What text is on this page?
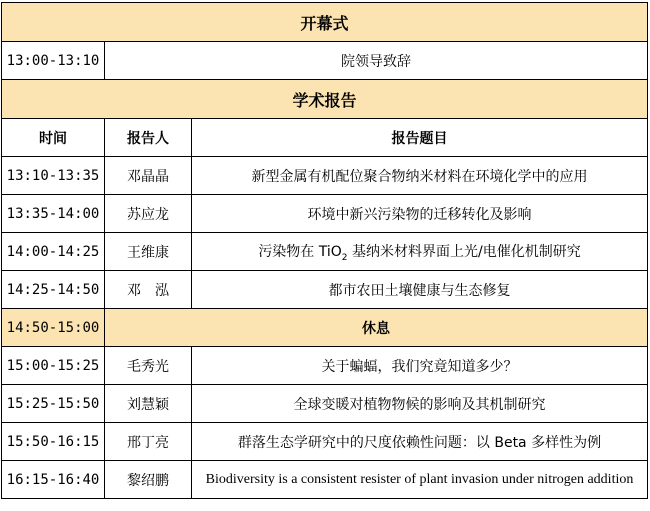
开幕式		
13:00-13:10	院领导致辞	
学术报告		
时间	报告人	报告题目
13:10-13:35	邓晶晶	新型金属有机配位聚合物纳米材料在环境化学中的应用
13:35-14:00	苏应龙	环境中新兴污染物的迁移转化及影响
14:00-14:25	王维康	污染物在 TiO$_2$ 基纳米材料界面上光/电催化机制研究
14:25-14:50	邓　泓	都市农田土壤健康与生态修复
14:50-15:00	休息	
15:00-15:25	毛秀光	关于蝙蝠，我们究竟知道多少？
15:25-15:50	刘慧颖	全球变暖对植物物候的影响及其机制研究
15:50-16:15	邢丁亮	群落生态学研究中的尺度依赖性问题：以 Beta 多样性为例
16:15-16:40	黎绍鹏	Biodiversity is a consistent resister of plant invasion under nitrogen addition
